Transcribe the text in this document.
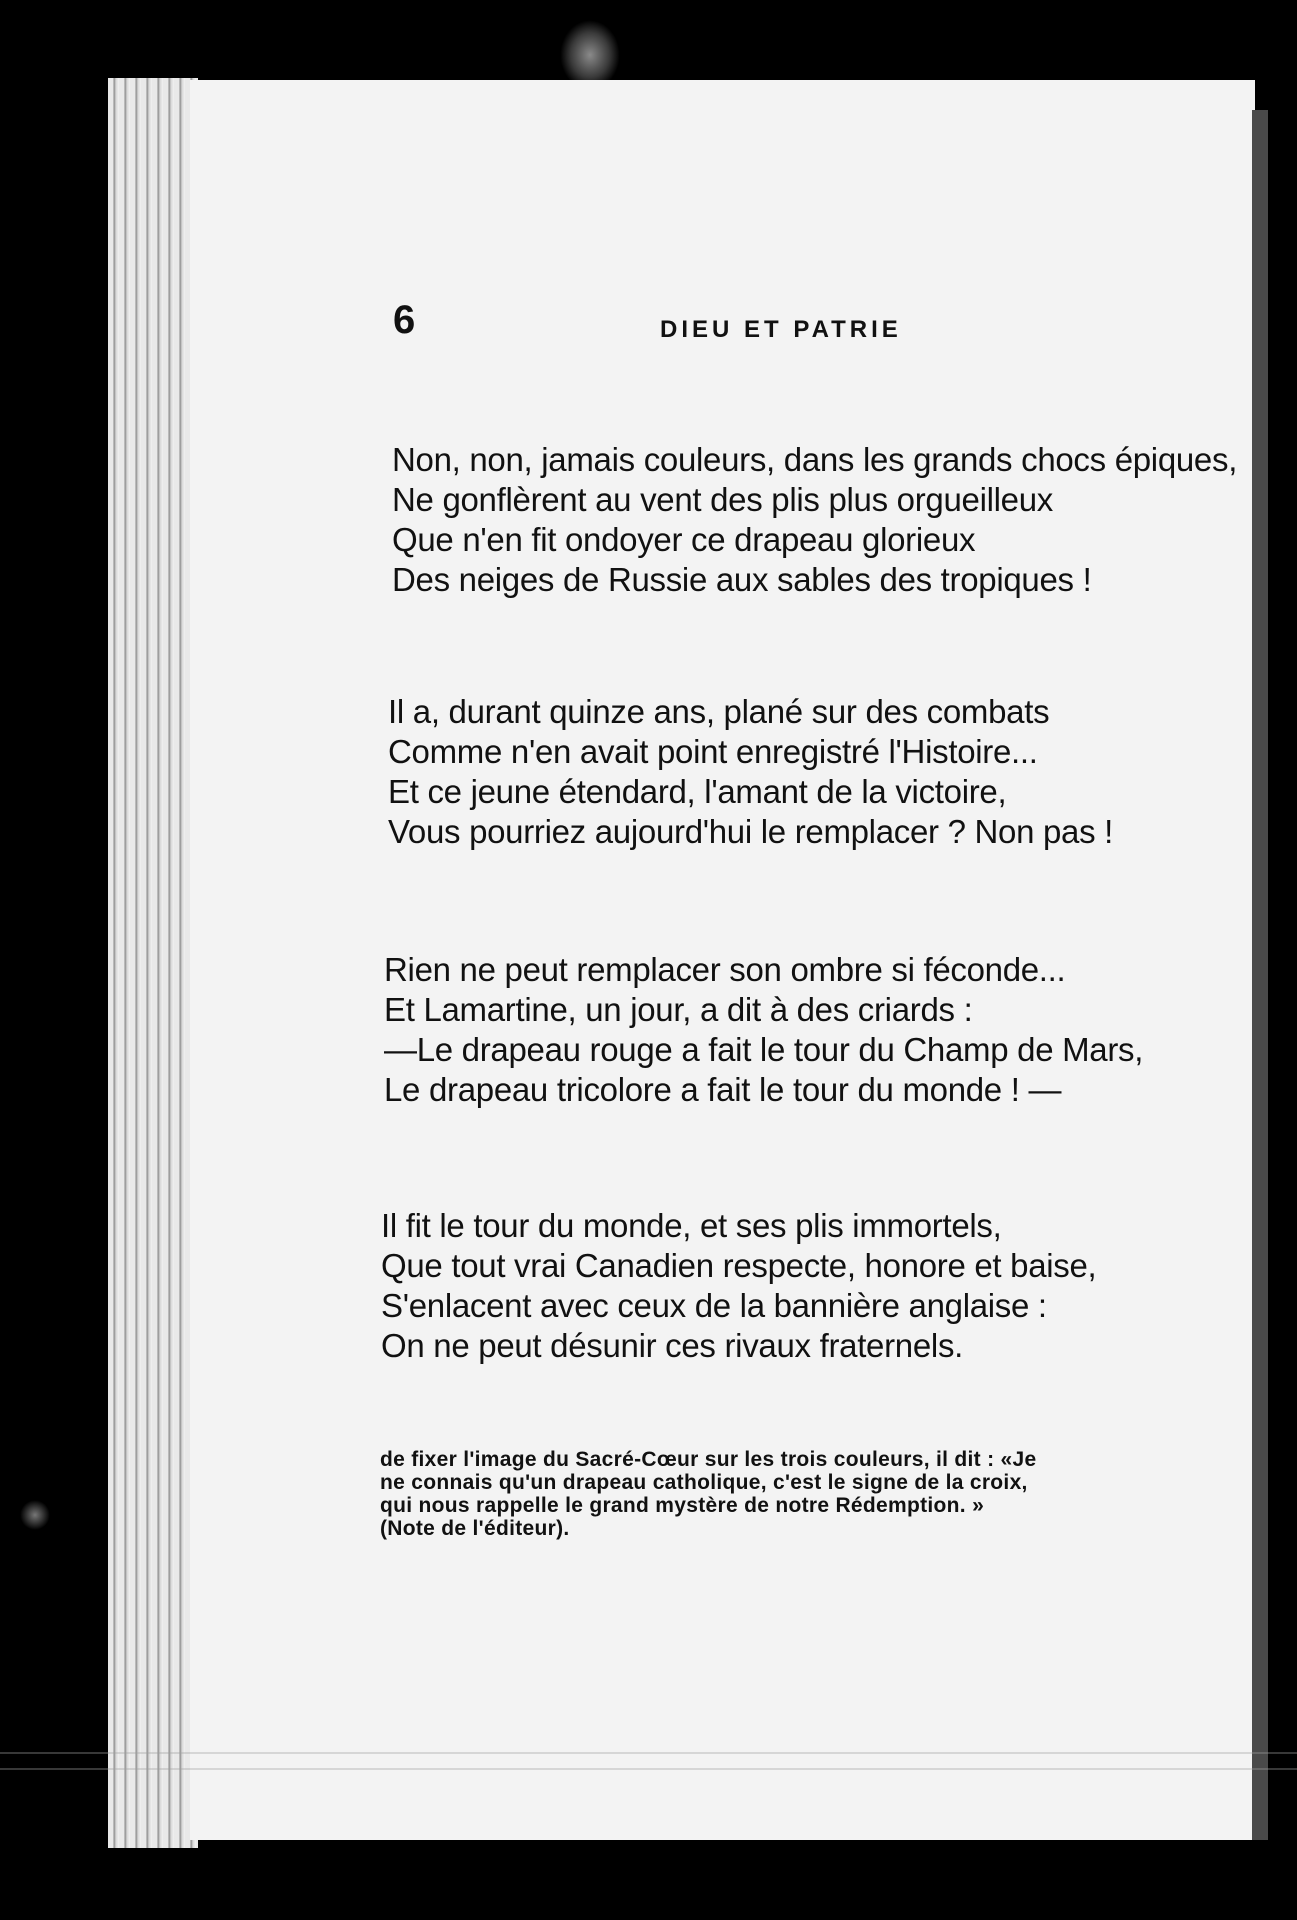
6	DIEU ET PATRIE
Non, non, jamais couleurs, dans les grands chocs épiques,
Ne gonflèrent au vent des plis plus orgueilleux
Que n'en fit ondoyer ce drapeau glorieux
Des neiges de Russie aux sables des tropiques !
Il a, durant quinze ans, plané sur des combats
Comme n'en avait point enregistré l'Histoire...
Et ce jeune étendard, l'amant de la victoire,
Vous pourriez aujourd'hui le remplacer ? Non pas !
Rien ne peut remplacer son ombre si féconde...
Et Lamartine, un jour, a dit à des criards :
—Le drapeau rouge a fait le tour du Champ de Mars,
Le drapeau tricolore a fait le tour du monde ! —
Il fit le tour du monde, et ses plis immortels,
Que tout vrai Canadien respecte, honore et baise,
S'enlacent avec ceux de la bannière anglaise :
On ne peut désunir ces rivaux fraternels.
de fixer l'image du Sacré-Cœur sur les trois couleurs, il dit : «Je
ne connais qu'un drapeau catholique, c'est le signe de la croix,
qui nous rappelle le grand mystère de notre Rédemption. »
(Note de l'éditeur).
